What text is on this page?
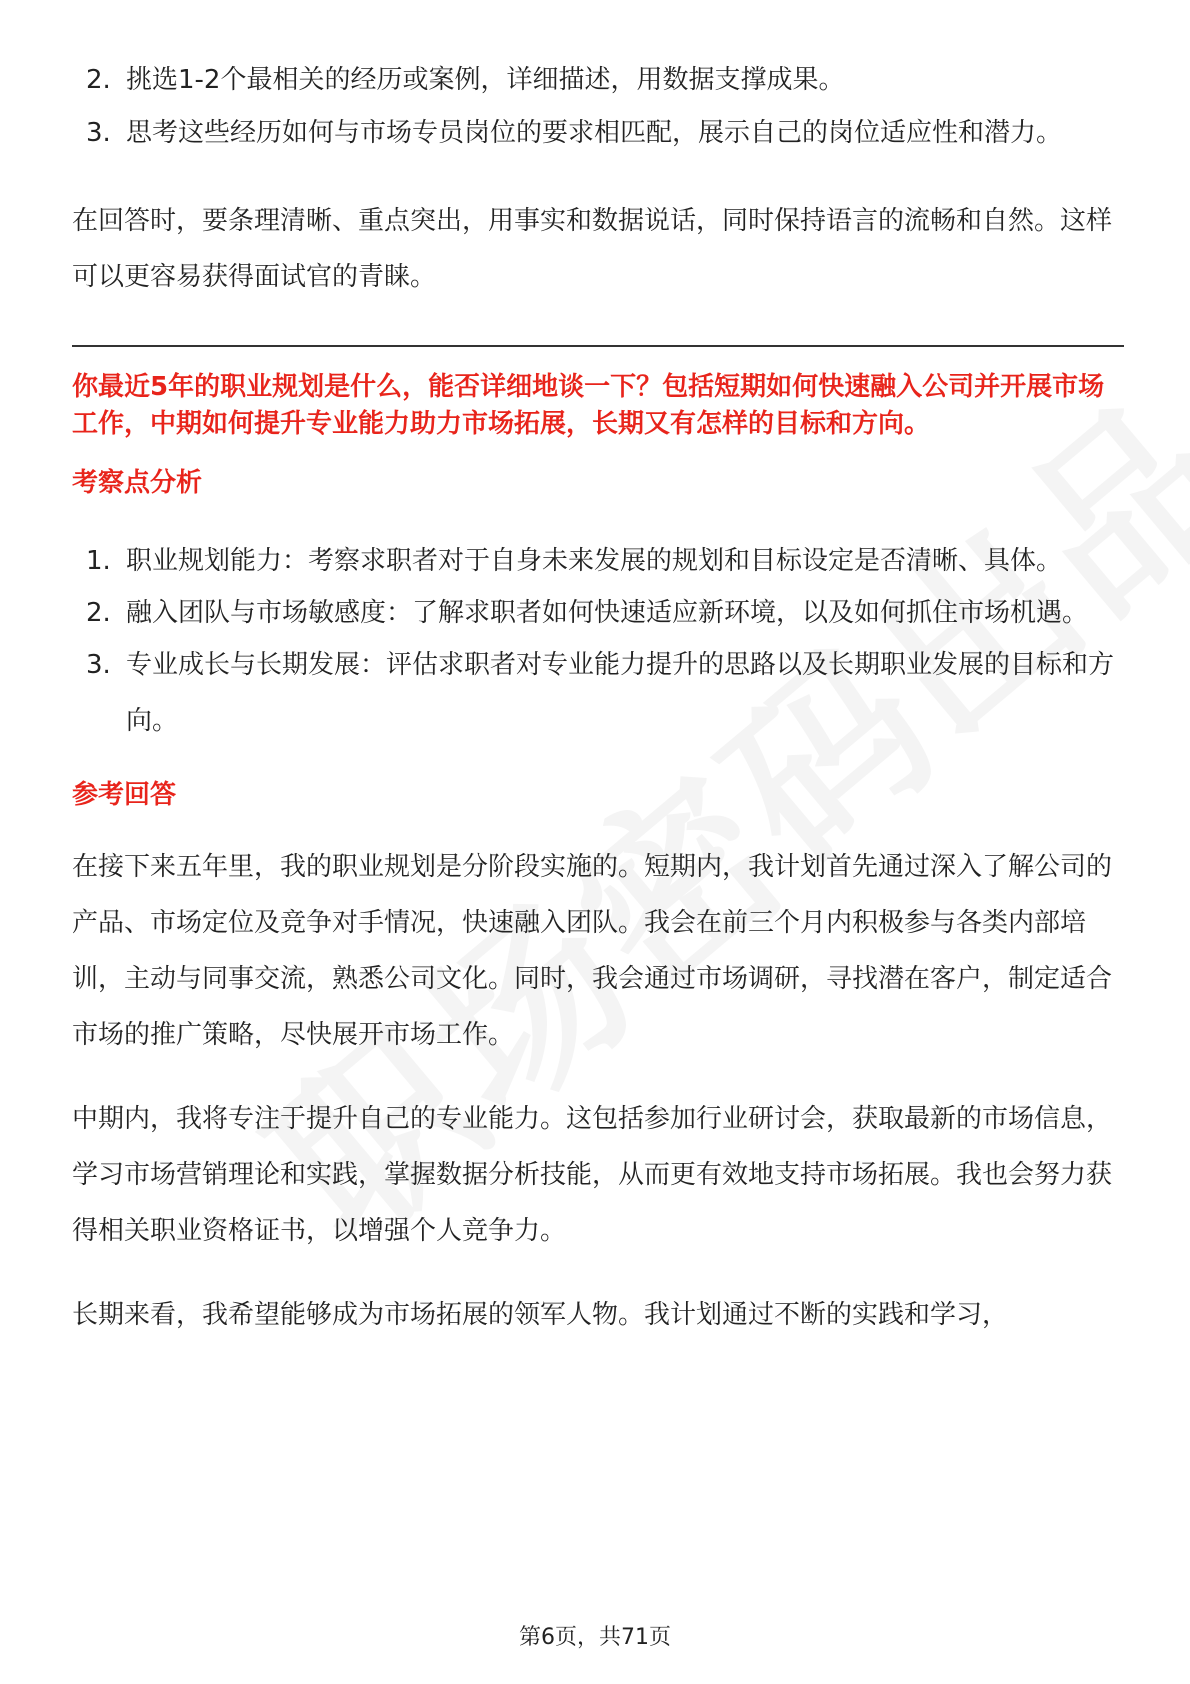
2. 挑选1-2个最相关的经历或案例，详细描述，用数据支撑成果。
3. 思考这些经历如何与市场专员岗位的要求相匹配，展示自己的岗位适应性和潜力。

在回答时，要条理清晰、重点突出，用事实和数据说话，同时保持语言的流畅和自然。这样可以更容易获得面试官的青睐。

你最近5年的职业规划是什么，能否详细地谈一下？包括短期如何快速融入公司并开展市场工作，中期如何提升专业能力助力市场拓展，长期又有怎样的目标和方向。

考察点分析

1. 职业规划能力：考察求职者对于自身未来发展的规划和目标设定是否清晰、具体。
2. 融入团队与市场敏感度：了解求职者如何快速适应新环境，以及如何抓住市场机遇。
3. 专业成长与长期发展：评估求职者对专业能力提升的思路以及长期职业发展的目标和方向。

参考回答

在接下来五年里，我的职业规划是分阶段实施的。短期内，我计划首先通过深入了解公司的产品、市场定位及竞争对手情况，快速融入团队。我会在前三个月内积极参与各类内部培训，主动与同事交流，熟悉公司文化。同时，我会通过市场调研，寻找潜在客户，制定适合市场的推广策略，尽快展开市场工作。

中期内，我将专注于提升自己的专业能力。这包括参加行业研讨会，获取最新的市场信息，学习市场营销理论和实践，掌握数据分析技能，从而更有效地支持市场拓展。我也会努力获得相关职业资格证书，以增强个人竞争力。

长期来看，我希望能够成为市场拓展的领军人物。我计划通过不断的实践和学习，

第6页，共71页
